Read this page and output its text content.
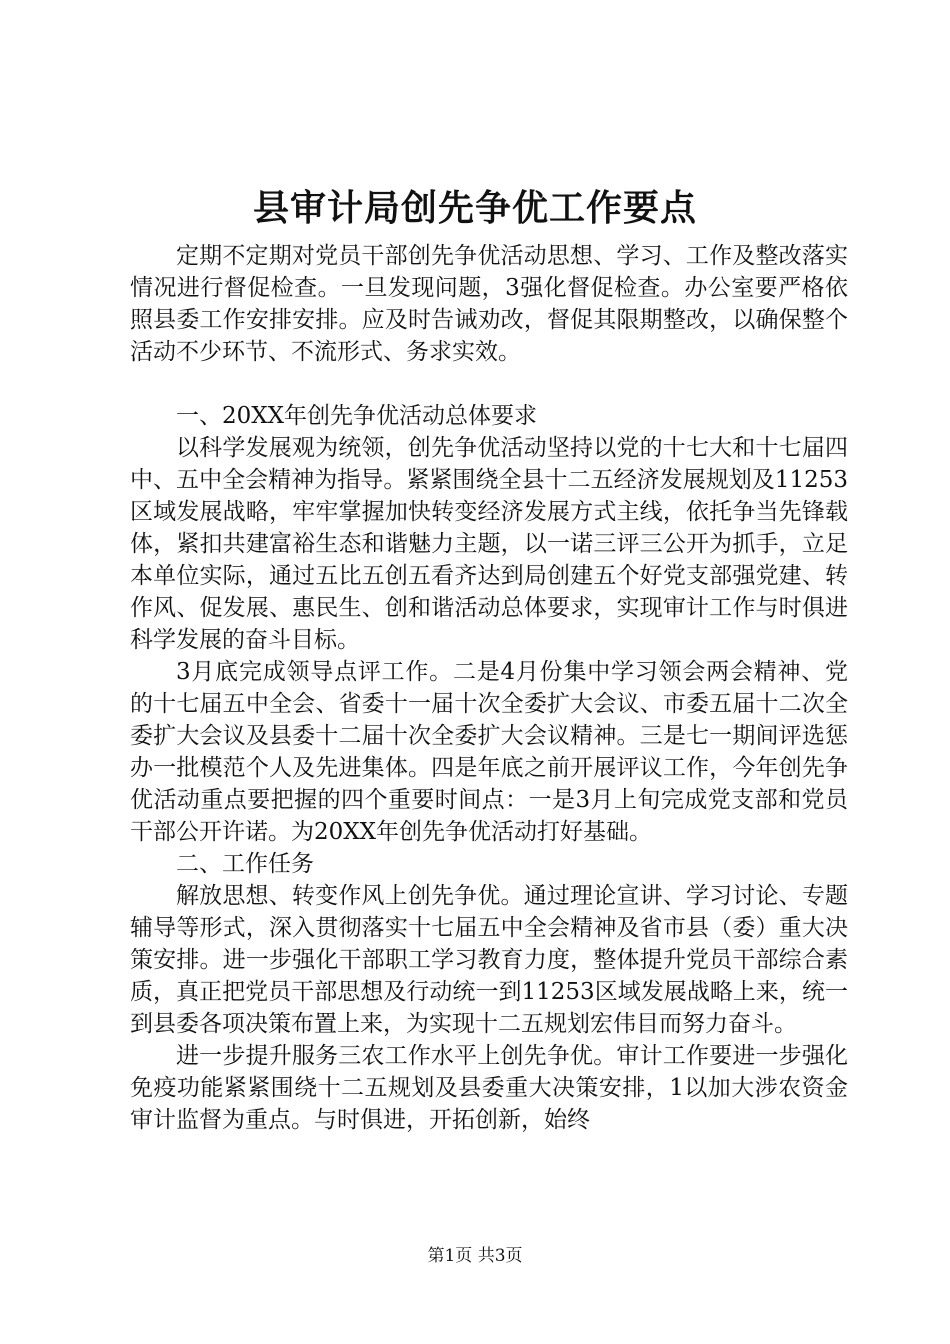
县审计局创先争优工作要点

定期不定期对党员干部创先争优活动思想、学习、工作及整改落实情况进行督促检查。一旦发现问题，3强化督促检查。办公室要严格依照县委工作安排安排。应及时告诫劝改，督促其限期整改，以确保整个活动不少环节、不流形式、务求实效。

一、20XX年创先争优活动总体要求

以科学发展观为统领，创先争优活动坚持以党的十七大和十七届四中、五中全会精神为指导。紧紧围绕全县十二五经济发展规划及11253区域发展战略，牢牢掌握加快转变经济发展方式主线，依托争当先锋载体，紧扣共建富裕生态和谐魅力主题，以一诺三评三公开为抓手，立足本单位实际，通过五比五创五看齐达到局创建五个好党支部强党建、转作风、促发展、惠民生、创和谐活动总体要求，实现审计工作与时俱进科学发展的奋斗目标。

3月底完成领导点评工作。二是4月份集中学习领会两会精神、党的十七届五中全会、省委十一届十次全委扩大会议、市委五届十二次全委扩大会议及县委十二届十次全委扩大会议精神。三是七一期间评选惩办一批模范个人及先进集体。四是年底之前开展评议工作，今年创先争优活动重点要把握的四个重要时间点：一是3月上旬完成党支部和党员干部公开许诺。为20XX年创先争优活动打好基础。

二、工作任务

解放思想、转变作风上创先争优。通过理论宣讲、学习讨论、专题辅导等形式，深入贯彻落实十七届五中全会精神及省市县（委）重大决策安排。进一步强化干部职工学习教育力度，整体提升党员干部综合素质，真正把党员干部思想及行动统一到11253区域发展战略上来，统一到县委各项决策布置上来，为实现十二五规划宏伟目而努力奋斗。

进一步提升服务三农工作水平上创先争优。审计工作要进一步强化免疫功能紧紧围绕十二五规划及县委重大决策安排，1以加大涉农资金审计监督为重点。与时俱进，开拓创新，始终

第1页 共3页
